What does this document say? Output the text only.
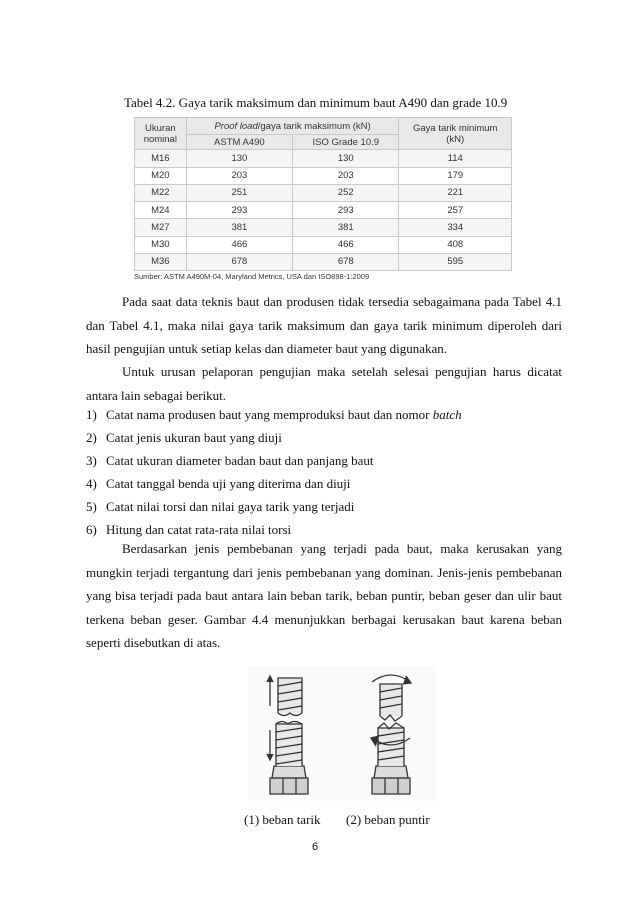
Tabel 4.2. Gaya tarik maksimum dan minimum baut A490 dan grade 10.9
Ukuran
nominal	Proof load/gaya tarik maksimum (kN)		Gaya tarik minimum
(kN)
	ASTM A490	ISO Grade 10.9	
M16	130	130	114
M20	203	203	179
M22	251	252	221
M24	293	293	257
M27	381	381	334
M30	466	466	408
M36	678	678	595
Sumber: ASTM A490M-04, Maryland Metrics, USA dan ISO898-1:2009

Pada saat data teknis baut dan produsen tidak tersedia sebagaimana pada Tabel 4.1 dan Tabel 4.1, maka nilai gaya tarik maksimum dan gaya tarik minimum diperoleh dari hasil pengujian untuk setiap kelas dan diameter baut yang digunakan.

Untuk urusan pelaporan pengujian maka setelah selesai pengujian harus dicatat antara lain sebagai berikut.

1) Catat nama produsen baut yang memproduksi baut dan nomor batch
2) Catat jenis ukuran baut yang diuji
3) Catat ukuran diameter badan baut dan panjang baut
4) Catat tanggal benda uji yang diterima dan diuji
5) Catat nilai torsi dan nilai gaya tarik yang terjadi
6) Hitung dan catat rata-rata nilai torsi

Berdasarkan jenis pembebanan yang terjadi pada baut, maka kerusakan yang mungkin terjadi tergantung dari jenis pembebanan yang dominan. Jenis-jenis pembebanan yang bisa terjadi pada baut antara lain beban tarik, beban puntir, beban geser dan ulir baut terkena beban geser. Gambar 4.4 menunjukkan berbagai kerusakan baut karena beban seperti disebutkan di atas.

(1) beban tarik (2) beban puntir
6
